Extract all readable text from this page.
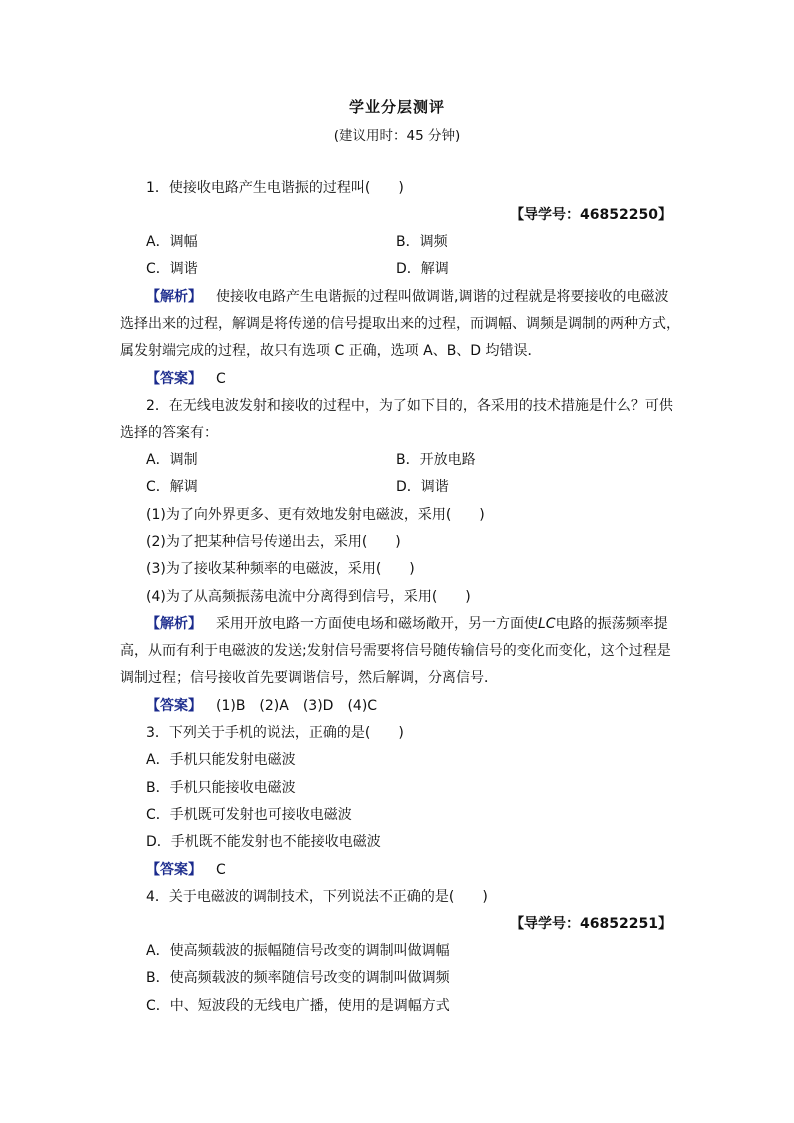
学业分层测评
(建议用时：45 分钟)
1．使接收电路产生电谐振的过程叫(　　)
【导学号：46852250】
A．调幅	B．调频
C．调谐	D．解调
【解析】 使接收电路产生电谐振的过程叫做调谐,调谐的过程就是将要接收的电磁波
选择出来的过程，解调是将传递的信号提取出来的过程，而调幅、调频是调制的两种方式，
属发射端完成的过程，故只有选项 C 正确，选项 A、B、D 均错误．
【答案】 C
2．在无线电波发射和接收的过程中，为了如下目的，各采用的技术措施是什么？可供
选择的答案有：
A．调制	B．开放电路
C．解调	D．调谐
(1)为了向外界更多、更有效地发射电磁波，采用(　　)
(2)为了把某种信号传递出去，采用(　　)
(3)为了接收某种频率的电磁波，采用(　　)
(4)为了从高频振荡电流中分离得到信号，采用(　　)
【解析】 采用开放电路一方面使电场和磁场敞开，另一方面使LC电路的振荡频率提
高，从而有利于电磁波的发送;发射信号需要将信号随传输信号的变化而变化，这个过程是
调制过程；信号接收首先要调谐信号，然后解调，分离信号．
【答案】 (1)B　(2)A　(3)D　(4)C
3．下列关于手机的说法，正确的是(　　)
A．手机只能发射电磁波
B．手机只能接收电磁波
C．手机既可发射也可接收电磁波
D．手机既不能发射也不能接收电磁波
【答案】 C
4．关于电磁波的调制技术，下列说法不正确的是(　　)
【导学号：46852251】
A．使高频载波的振幅随信号改变的调制叫做调幅
B．使高频载波的频率随信号改变的调制叫做调频
C．中、短波段的无线电广播，使用的是调幅方式
